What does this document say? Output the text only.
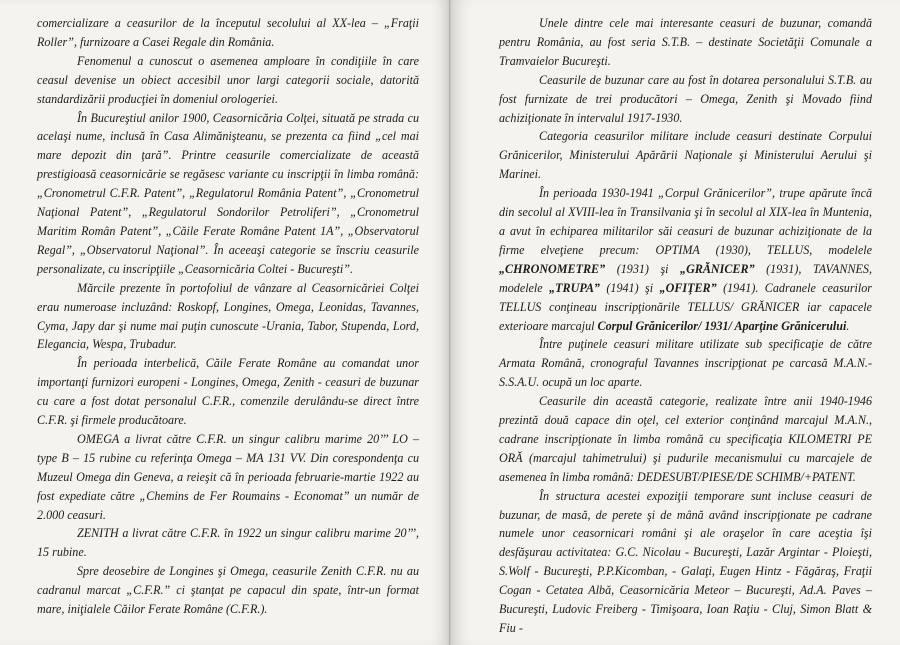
comercializare a ceasurilor de la începutul secolului al XX-lea – „Fraţii Roller”, furnizoare a Casei Regale din România.

Fenomenul a cunoscut o asemenea amploare în condiţiile în care ceasul devenise un obiect accesibil unor largi categorii sociale, datorită standardizării producţiei în domeniul orologeriei.

În Bucureştiul anilor 1900, Ceasornicăria Colţei, situată pe strada cu acelaşi nume, inclusă în Casa Alimănişteanu, se prezenta ca fiind „cel mai mare depozit din ţară”. Printre ceasurile comercializate de această prestigioasă ceasornicărie se regăsesc variante cu inscripţii în limba română: „Cronometrul C.F.R. Patent”, „Regulatorul România Patent”, „Cronometrul Naţional Patent”, „Regulatorul Sondorilor Petroliferi”, „Cronometrul Maritim Român Patent”, „Căile Ferate Române Patent 1A”, „Observatorul Regal”, „Observatorul Naţional”. În aceeaşi categorie se înscriu ceasurile personalizate, cu inscripţiile „Ceasornicăria Coltei - Bucureşti”.

Mărcile prezente în portofoliul de vânzare al Ceasornicăriei Colţei erau numeroase incluzând: Roskopf, Longines, Omega, Leonidas, Tavannes, Cyma, Japy dar şi nume mai puţin cunoscute -Urania, Tabor, Stupenda, Lord, Elegancia, Wespa, Trubadur.

În perioada interbelică, Căile Ferate Române au comandat unor importanţi furnizori europeni - Longines, Omega, Zenith - ceasuri de buzunar cu care a fost dotat personalul C.F.R., comenzile derulându-se direct între C.F.R. şi firmele producătoare.

OMEGA a livrat către C.F.R. un singur calibru marime 20’’’ LO – type B – 15 rubine cu referinţa Omega – MA 131 VV. Din corespondenţa cu Muzeul Omega din Geneva, a reieşit că în perioada februarie-martie 1922 au fost expediate către „Chemins de Fer Roumains - Economat” un număr de 2.000 ceasuri.

ZENITH a livrat către C.F.R. în 1922 un singur calibru marime 20’’’, 15 rubine.

Spre deosebire de Longines şi Omega, ceasurile Zenith C.F.R. nu au cadranul marcat „C.F.R.” ci ştanţat pe capacul din spate, într-un format mare, iniţialele Căilor Ferate Române (C.F.R.).

Unele dintre cele mai interesante ceasuri de buzunar, comandă pentru România, au fost seria S.T.B. – destinate Societăţii Comunale a Tramvaielor Bucureşti.

Ceasurile de buzunar care au fost în dotarea personalului S.T.B. au fost furnizate de trei producători – Omega, Zenith şi Movado fiind achiziţionate în intervalul 1917-1930.

Categoria ceasurilor militare include ceasuri destinate Corpului Grănicerilor, Ministerului Apărării Naţionale şi Ministerului Aerului şi Marinei.

În perioada 1930-1941 „Corpul Grănicerilor”, trupe apărute încă din secolul al XVIII-lea în Transilvania şi în secolul al XIX-lea în Muntenia, a avut în echiparea militarilor săi ceasuri de buzunar achiziţionate de la firme elveţiene precum: OPTIMA (1930), TELLUS, modelele „CHRONOMETRE” (1931) şi „GRĂNICER” (1931), TAVANNES, modelele „TRUPA” (1941) şi „OFIŢER” (1941). Cadranele ceasurilor TELLUS conţineau inscripţionările TELLUS/ GRĂNICER iar capacele exterioare marcajul Corpul Grănicerilor/ 1931/ Aparţine Grănicerului.

Între puţinele ceasuri militare utilizate sub specificaţie de către Armata Română, cronograful Tavannes inscripţionat pe carcasă M.A.N.-S.S.A.U. ocupă un loc aparte.

Ceasurile din această categorie, realizate între anii 1940-1946 prezintă două capace din oţel, cel exterior conţinând marcajul M.A.N., cadrane inscripţionate în limba română cu specificaţia KILOMETRI PE ORĂ (marcajul tahimetrului) şi pudurile mecanismului cu marcajele de asemenea în limba română: DEDESUBT/PIESE/DE SCHIMB/+PATENT.

În structura acestei expoziţii temporare sunt incluse ceasuri de buzunar, de masă, de perete şi de mână având inscripţionate pe cadrane numele unor ceasornicari români şi ale oraşelor în care aceştia îşi desfăşurau activitatea: G.C. Nicolau - Bucureşti, Lazăr Argintar - Ploieşti, S.Wolf - Bucureşti, P.P.Kicomban, - Galaţi, Eugen Hintz - Făgăraş, Fraţii Cogan - Cetatea Albă, Ceasornicăria Meteor – Bucureşti, Ad.A. Paves – Bucureşti, Ludovic Freiberg - Timişoara, Ioan Raţiu - Cluj, Simon Blatt & Fiu -
